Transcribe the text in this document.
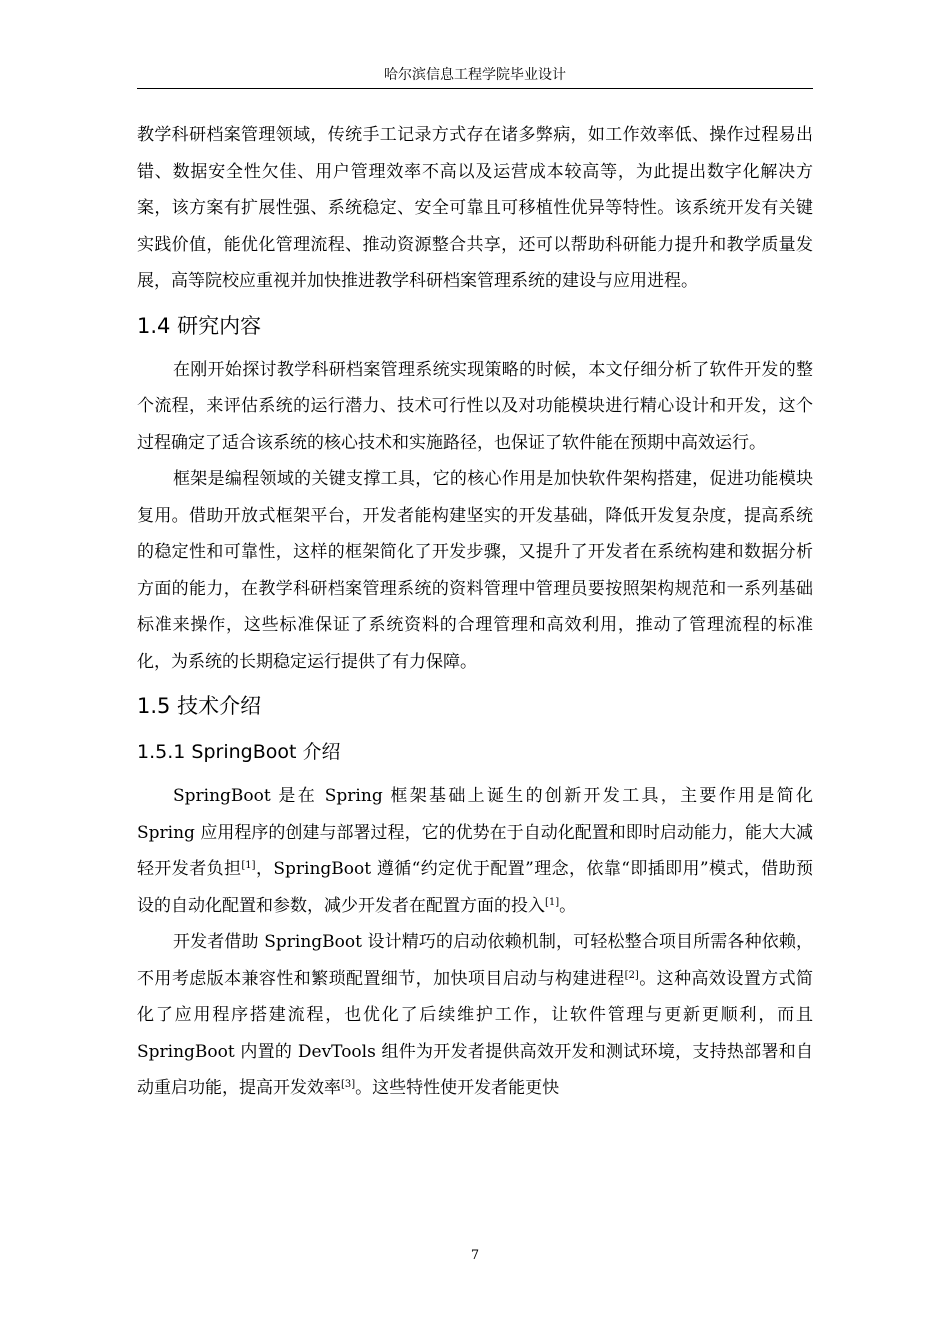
哈尔滨信息工程学院毕业设计

教学科研档案管理领域，传统手工记录方式存在诸多弊病，如工作效率低、操作过程易出错、数据安全性欠佳、用户管理效率不高以及运营成本较高等，为此提出数字化解决方案，该方案有扩展性强、系统稳定、安全可靠且可移植性优异等特性。该系统开发有关键实践价值，能优化管理流程、推动资源整合共享，还可以帮助科研能力提升和教学质量发展，高等院校应重视并加快推进教学科研档案管理系统的建设与应用进程。

1.4 研究内容

在刚开始探讨教学科研档案管理系统实现策略的时候，本文仔细分析了软件开发的整个流程，来评估系统的运行潜力、技术可行性以及对功能模块进行精心设计和开发，这个过程确定了适合该系统的核心技术和实施路径，也保证了软件能在预期中高效运行。

框架是编程领域的关键支撑工具，它的核心作用是加快软件架构搭建，促进功能模块复用。借助开放式框架平台，开发者能构建坚实的开发基础，降低开发复杂度，提高系统的稳定性和可靠性，这样的框架简化了开发步骤，又提升了开发者在系统构建和数据分析方面的能力，在教学科研档案管理系统的资料管理中管理员要按照架构规范和一系列基础标准来操作，这些标准保证了系统资料的合理管理和高效利用，推动了管理流程的标准化，为系统的长期稳定运行提供了有力保障。

1.5 技术介绍
1.5.1 SpringBoot 介绍

SpringBoot 是在 Spring 框架基础上诞生的创新开发工具，主要作用是简化 Spring 应用程序的创建与部署过程，它的优势在于自动化配置和即时启动能力，能大大减轻开发者负担[1]，SpringBoot 遵循“约定优于配置”理念，依靠“即插即用”模式，借助预设的自动化配置和参数，减少开发者在配置方面的投入[1]。

开发者借助 SpringBoot 设计精巧的启动依赖机制，可轻松整合项目所需各种依赖，不用考虑版本兼容性和繁琐配置细节，加快项目启动与构建进程[2]。这种高效设置方式简化了应用程序搭建流程，也优化了后续维护工作，让软件管理与更新更顺利，而且 SpringBoot 内置的 DevTools 组件为开发者提供高效开发和测试环境，支持热部署和自动重启功能，提高开发效率[3]。这些特性使开发者能更快

7
